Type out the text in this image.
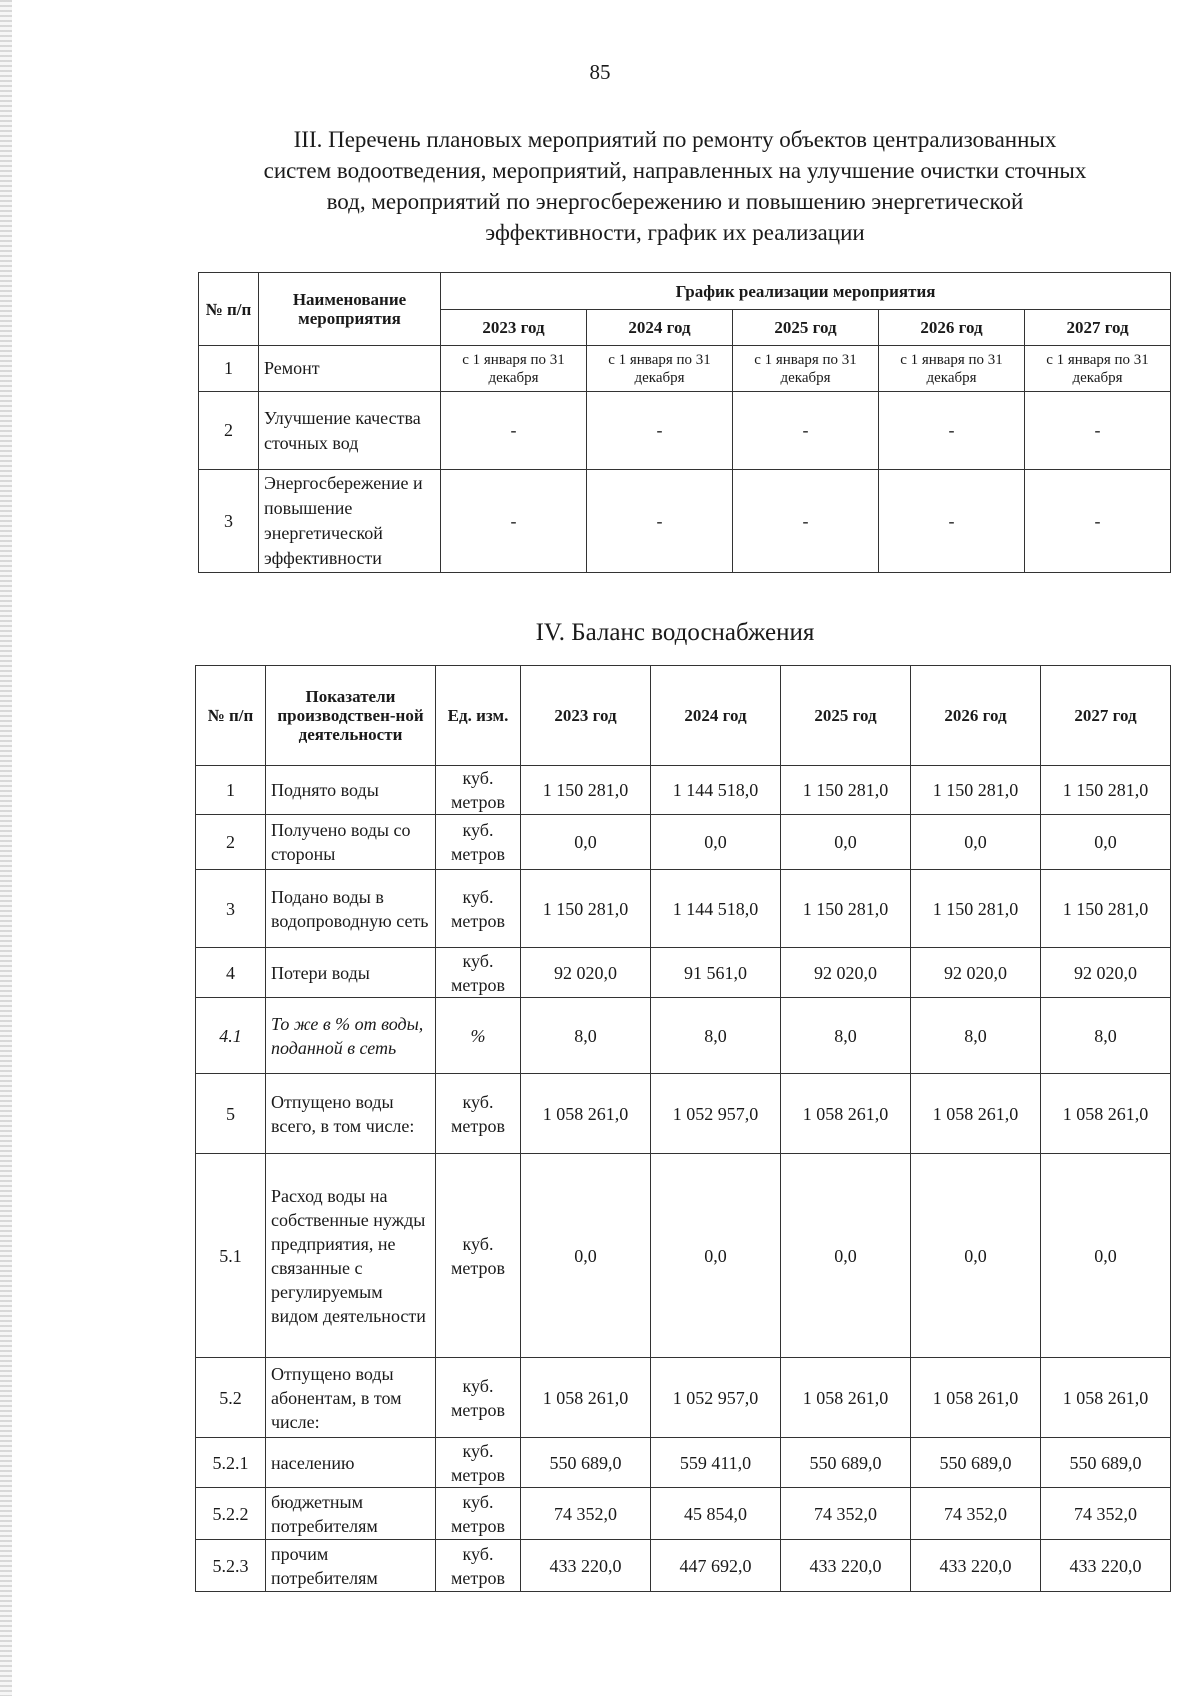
85
III. Перечень плановых мероприятий по ремонту объектов централизованных
систем водоотведения, мероприятий, направленных на улучшение очистки сточных
вод, мероприятий по энергосбережению и повышению энергетической
эффективности, график их реализации
№ п/п	Наименование мероприятия	График реализации мероприятия				
		2023 год	2024 год	2025 год	2026 год	2027 год
1	Ремонт	с 1 января по 31 декабря	с 1 января по 31 декабря	с 1 января по 31 декабря	с 1 января по 31 декабря	с 1 января по 31 декабря
2	Улучшение качества сточных вод	-	-	-	-	-
3	Энергосбережение и повышение энергетической эффективности	-	-	-	-	-
IV. Баланс водоснабжения
№ п/п	Показатели производствен-ной деятельности	Ед. изм.	2023 год	2024 год	2025 год	2026 год	2027 год
1	Поднято воды	куб. метров	1 150 281,0	1 144 518,0	1 150 281,0	1 150 281,0	1 150 281,0
2	Получено воды со стороны	куб. метров	0,0	0,0	0,0	0,0	0,0
3	Подано воды в водопроводную сеть	куб. метров	1 150 281,0	1 144 518,0	1 150 281,0	1 150 281,0	1 150 281,0
4	Потери воды	куб. метров	92 020,0	91 561,0	92 020,0	92 020,0	92 020,0
4.1	То же в % от воды, поданной в сеть	%	8,0	8,0	8,0	8,0	8,0
5	Отпущено воды всего, в том числе:	куб. метров	1 058 261,0	1 052 957,0	1 058 261,0	1 058 261,0	1 058 261,0
5.1	Расход воды на собственные нужды предприятия, не связанные с регулируемым видом деятельности	куб. метров	0,0	0,0	0,0	0,0	0,0
5.2	Отпущено воды абонентам, в том числе:	куб. метров	1 058 261,0	1 052 957,0	1 058 261,0	1 058 261,0	1 058 261,0
5.2.1	населению	куб. метров	550 689,0	559 411,0	550 689,0	550 689,0	550 689,0
5.2.2	бюджетным потребителям	куб. метров	74 352,0	45 854,0	74 352,0	74 352,0	74 352,0
5.2.3	прочим потребителям	куб. метров	433 220,0	447 692,0	433 220,0	433 220,0	433 220,0
